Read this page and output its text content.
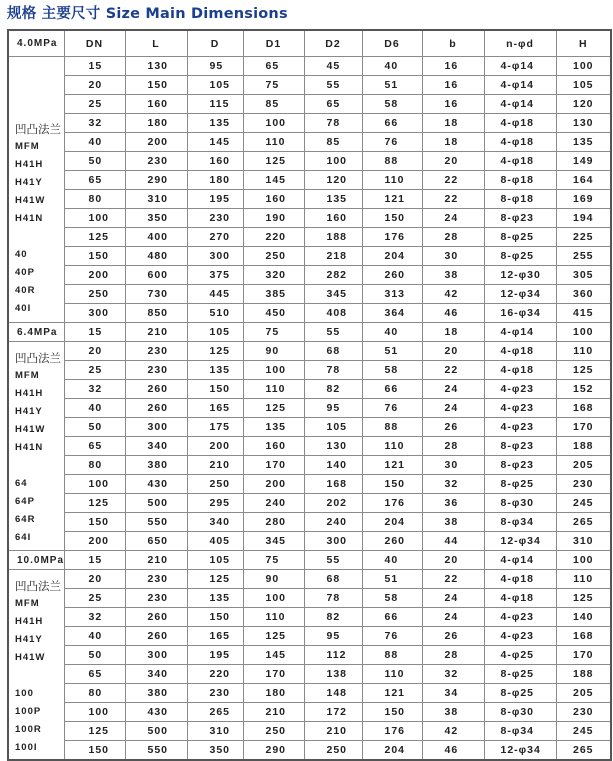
规格 主要尺寸 Size Main Dimensions
4.0MPa	DN	L	D	D1	D2	D6	b	n-φd	H

凹凸法兰
MFM
H41H
H41Y
H41W
H41N
40
40P
40R
40I
	15	130	95	65	45	40	16	4-φ14	100
	20	150	105	75	55	51	16	4-φ14	105
	25	160	115	85	65	58	16	4-φ14	120
	32	180	135	100	78	66	18	4-φ18	130
	40	200	145	110	85	76	18	4-φ18	135
	50	230	160	125	100	88	20	4-φ18	149
	65	290	180	145	120	110	22	8-φ18	164
	80	310	195	160	135	121	22	8-φ18	169
	100	350	230	190	160	150	24	8-φ23	194
	125	400	270	220	188	176	28	8-φ25	225
	150	480	300	250	218	204	30	8-φ25	255
	200	600	375	320	282	260	38	12-φ30	305
	250	730	445	385	345	313	42	12-φ34	360
	300	850	510	450	408	364	46	16-φ34	415
6.4MPa	15	210	105	75	55	40	18	4-φ14	100

凹凸法兰
MFM
H41H
H41Y
H41W
H41N
64
64P
64R
64I
	20	230	125	90	68	51	20	4-φ18	110
	25	230	135	100	78	58	22	4-φ18	125
	32	260	150	110	82	66	24	4-φ23	152
	40	260	165	125	95	76	24	4-φ23	168
	50	300	175	135	105	88	26	4-φ23	170
	65	340	200	160	130	110	28	8-φ23	188
	80	380	210	170	140	121	30	8-φ23	205
	100	430	250	200	168	150	32	8-φ25	230
	125	500	295	240	202	176	36	8-φ30	245
	150	550	340	280	240	204	38	8-φ34	265
	200	650	405	345	300	260	44	12-φ34	310
10.0MPa	15	210	105	75	55	40	20	4-φ14	100

凹凸法兰
MFM
H41H
H41Y
H41W
100
100P
100R
100I
	20	230	125	90	68	51	22	4-φ18	110
	25	230	135	100	78	58	24	4-φ18	125
	32	260	150	110	82	66	24	4-φ23	140
	40	260	165	125	95	76	26	4-φ23	168
	50	300	195	145	112	88	28	4-φ25	170
	65	340	220	170	138	110	32	8-φ25	188
	80	380	230	180	148	121	34	8-φ25	205
	100	430	265	210	172	150	38	8-φ30	230
	125	500	310	250	210	176	42	8-φ34	245
	150	550	350	290	250	204	46	12-φ34	265
